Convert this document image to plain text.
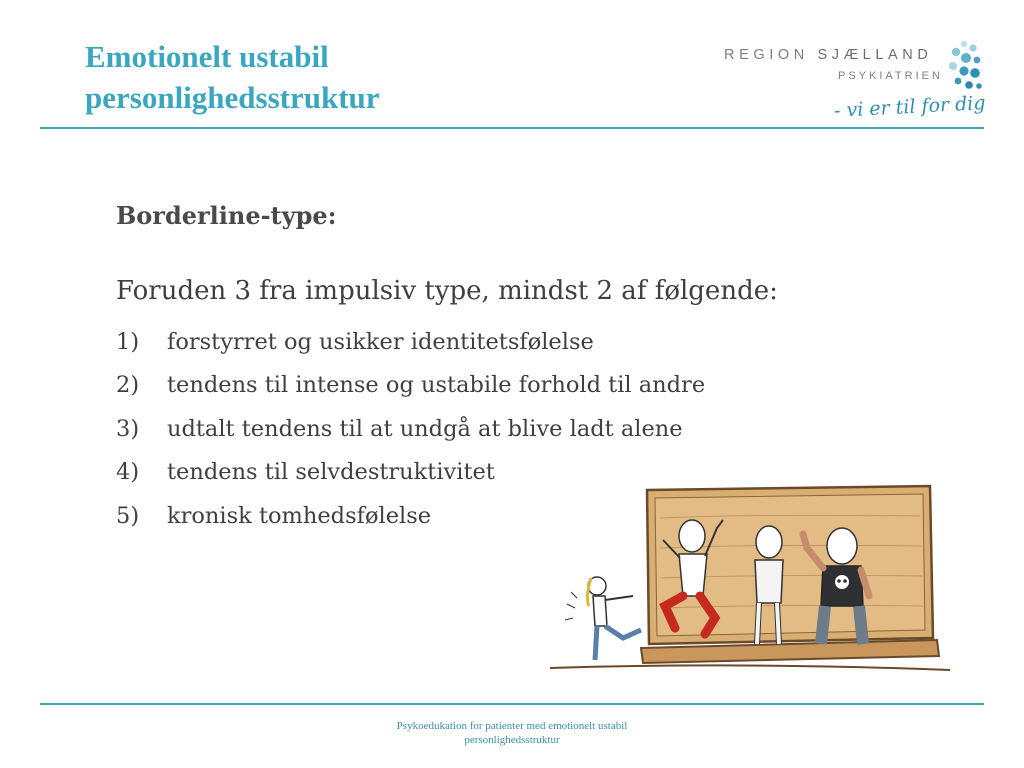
Emotionelt ustabil
personlighedsstruktur
REGION SJÆLLAND
PSYKIATRIEN
- vi er til for dig
Borderline-type:
Foruden 3 fra impulsiv type, mindst 2 af følgende:
1)	forstyrret og usikker identitetsfølelse
2)	tendens til intense og ustabile forhold til andre
3)	udtalt tendens til at undgå at blive ladt alene
4)	tendens til selvdestruktivitet
5)	kronisk tomhedsfølelse
Psykoedukation for patienter med emotionelt ustabil
personlighedsstruktur
